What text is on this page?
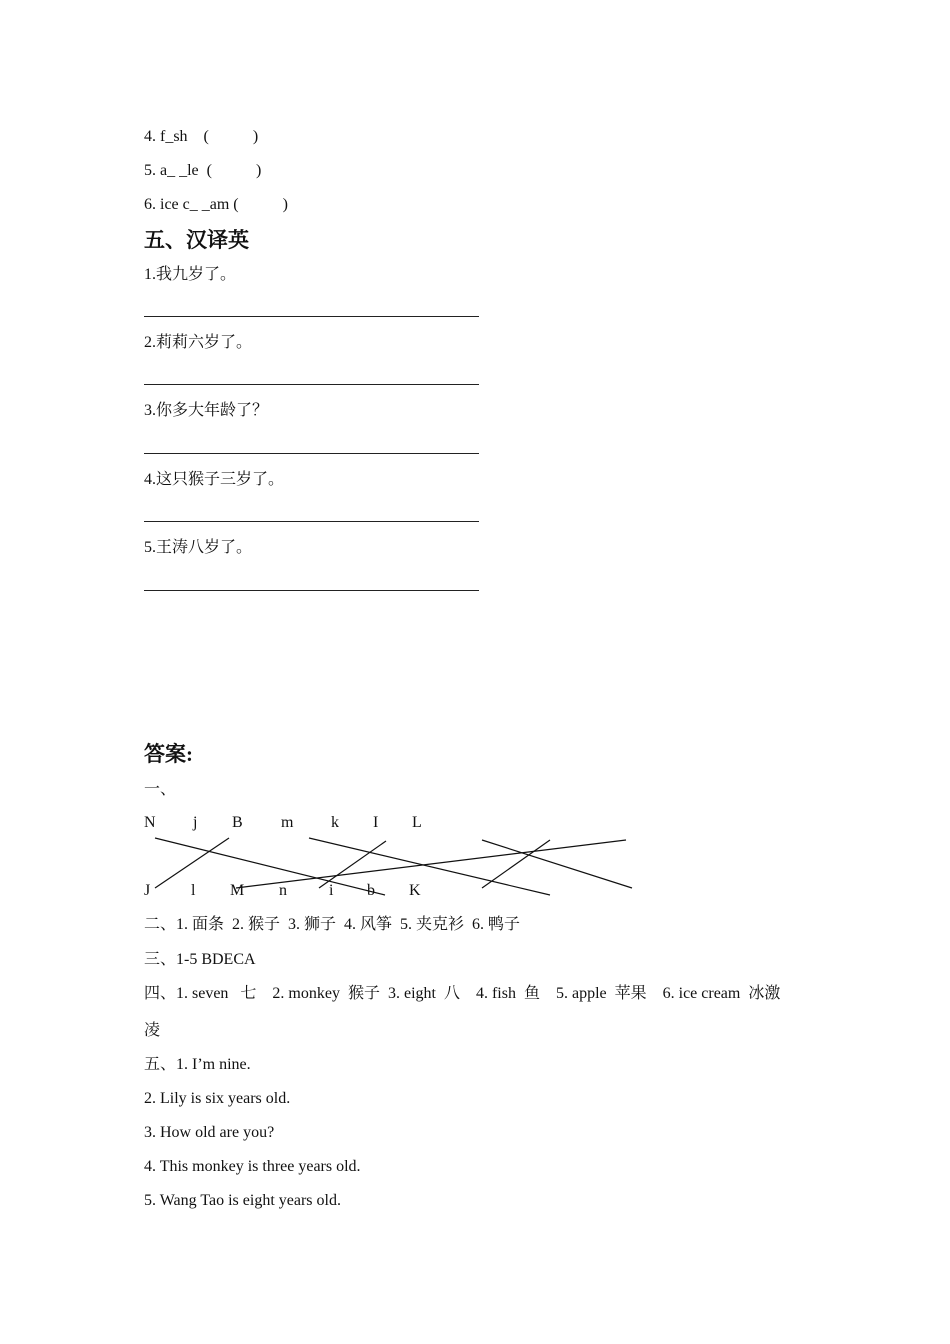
4. f_sh    (           )
5. a_ _le  (           )
6. ice c_ _am (           )
五、汉译英
1.我九岁了。
2.莉莉六岁了。
3.你多大年龄了？
4.这只猴子三岁了。
5.王涛八岁了。
答案:
一、
N j B m k I L
J	l M n	i b K
二、1. 面条  2. 猴子  3. 狮子  4. 风筝  5. 夹克衫  6. 鸭子
三、1-5 BDECA
四、1. seven   七    2. monkey  猴子  3. eight  八    4. fish  鱼    5. apple  苹果    6. ice cream  冰激
凌
五、1. I’m nine.
2. Lily is six years old.
3. How old are you?
4. This monkey is three years old.
5. Wang Tao is eight years old.
